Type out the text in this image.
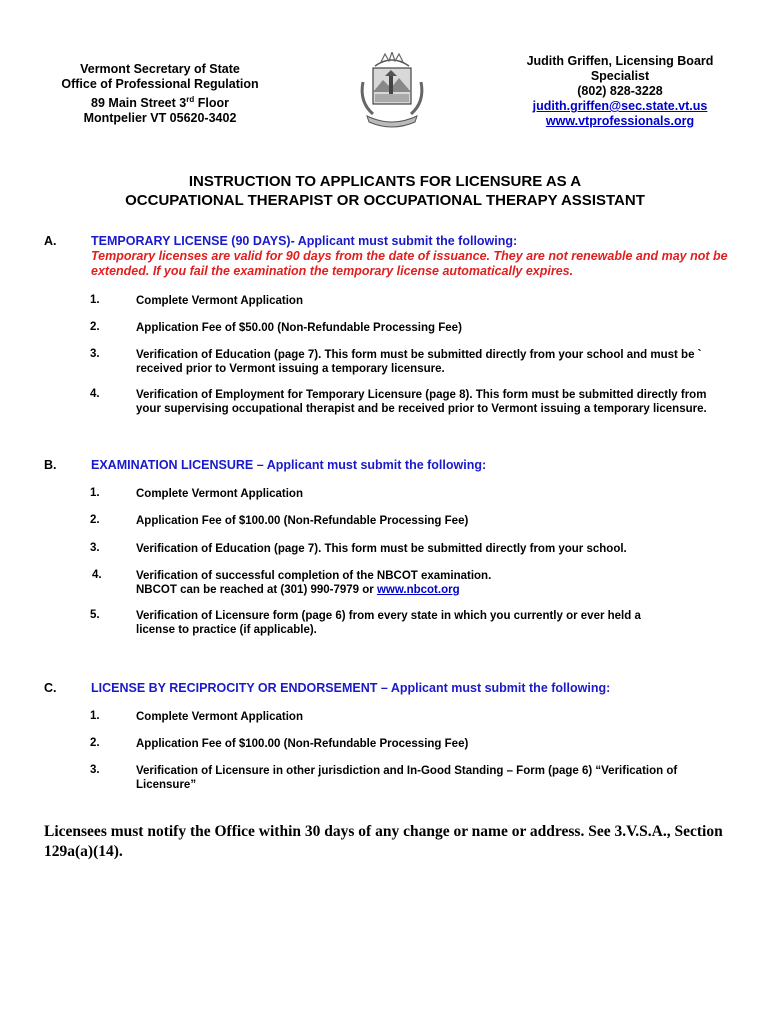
Vermont Secretary of State
Office of Professional Regulation
89 Main Street 3rd Floor
Montpelier VT 05620-3402
Judith Griffen, Licensing Board
Specialist
(802) 828-3228
judith.griffen@sec.state.vt.us
www.vtprofessionals.org
INSTRUCTION TO APPLICANTS FOR LICENSURE AS A
OCCUPATIONAL THERAPIST OR OCCUPATIONAL THERAPY ASSISTANT
A.	TEMPORARY LICENSE (90 DAYS)- Applicant must submit the following:
Temporary licenses are valid for 90 days from the date of issuance. They are not renewable and may not be extended. If you fail the examination the temporary license automatically expires.
1.	Complete Vermont Application
2.	Application Fee of $50.00 (Non-Refundable Processing Fee)
3.	Verification of Education (page 7). This form must be submitted directly from your school and must be `
received prior to Vermont issuing a temporary licensure.
4.	Verification of Employment for Temporary Licensure (page 8). This form must be submitted directly from
your supervising occupational therapist and be received prior to Vermont issuing a temporary licensure.
B.	EXAMINATION LICENSURE – Applicant must submit the following:
1.	Complete Vermont Application
2.	Application Fee of $100.00 (Non-Refundable Processing Fee)
3.	Verification of Education (page 7). This form must be submitted directly from your school.
4.	Verification of successful completion of the NBCOT examination.
NBCOT can be reached at (301) 990-7979 or www.nbcot.org
5.	Verification of Licensure form (page 6) from every state in which you currently or ever held a
license to practice (if applicable).
C.	LICENSE BY RECIPROCITY OR ENDORSEMENT – Applicant must submit the following:
1.	Complete Vermont Application
2.	Application Fee of $100.00 (Non-Refundable Processing Fee)
3.	Verification of Licensure in other jurisdiction and In-Good Standing – Form (page 6) “Verification of
Licensure”
Licensees must notify the Office within 30 days of any change or name or address. See 3.V.S.A., Section 129a(a)(14).
